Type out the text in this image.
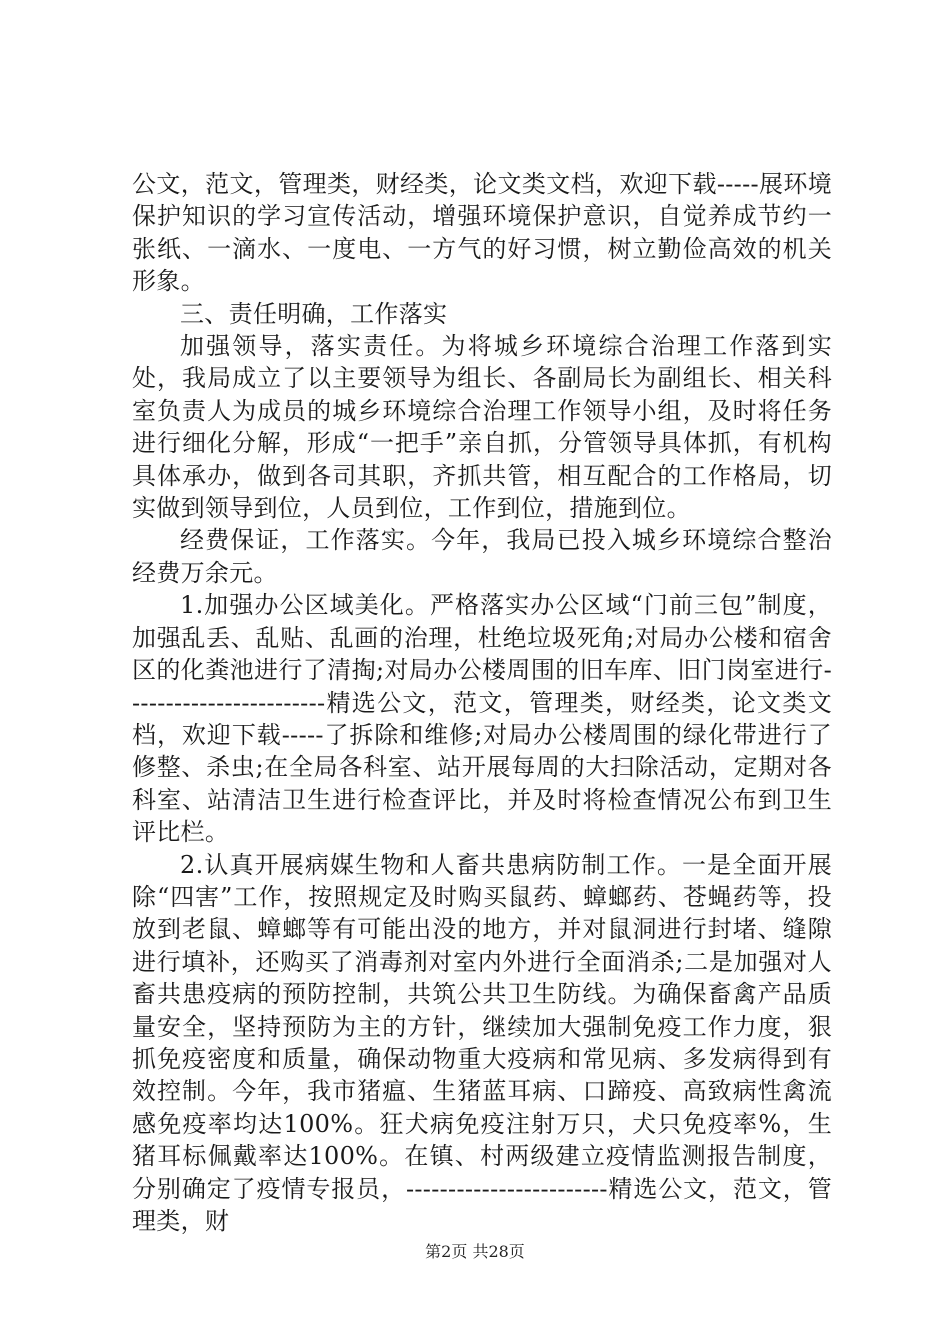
公文，范文，管理类，财经类，论文类文档，欢迎下载-----展环境保护知识的学习宣传活动，增强环境保护意识，自觉养成节约一张纸、一滴水、一度电、一方气的好习惯，树立勤俭高效的机关形象。

三、责任明确，工作落实

加强领导，落实责任。为将城乡环境综合治理工作落到实处，我局成立了以主要领导为组长、各副局长为副组长、相关科室负责人为成员的城乡环境综合治理工作领导小组，及时将任务进行细化分解，形成“一把手”亲自抓，分管领导具体抓，有机构具体承办，做到各司其职，齐抓共管，相互配合的工作格局，切实做到领导到位，人员到位，工作到位，措施到位。

经费保证，工作落实。今年，我局已投入城乡环境综合整治经费万余元。

1.加强办公区域美化。严格落实办公区域“门前三包”制度，加强乱丢、乱贴、乱画的治理，杜绝垃圾死角;对局办公楼和宿舍区的化粪池进行了清掏;对局办公楼周围的旧车库、旧门岗室进行------------------------精选公文，范文，管理类，财经类，论文类文档，欢迎下载-----了拆除和维修;对局办公楼周围的绿化带进行了修整、杀虫;在全局各科室、站开展每周的大扫除活动，定期对各科室、站清洁卫生进行检查评比，并及时将检查情况公布到卫生评比栏。

2.认真开展病媒生物和人畜共患病防制工作。一是全面开展除“四害”工作，按照规定及时购买鼠药、蟑螂药、苍蝇药等，投放到老鼠、蟑螂等有可能出没的地方，并对鼠洞进行封堵、缝隙进行填补，还购买了消毒剂对室内外进行全面消杀;二是加强对人畜共患疫病的预防控制，共筑公共卫生防线。为确保畜禽产品质量安全，坚持预防为主的方针，继续加大强制免疫工作力度，狠抓免疫密度和质量，确保动物重大疫病和常见病、多发病得到有效控制。今年，我市猪瘟、生猪蓝耳病、口蹄疫、高致病性禽流感免疫率均达100%。狂犬病免疫注射万只，犬只免疫率%，生猪耳标佩戴率达100%。在镇、村两级建立疫情监测报告制度，分别确定了疫情专报员，------------------------精选公文，范文，管理类，财

第2页 共28页
